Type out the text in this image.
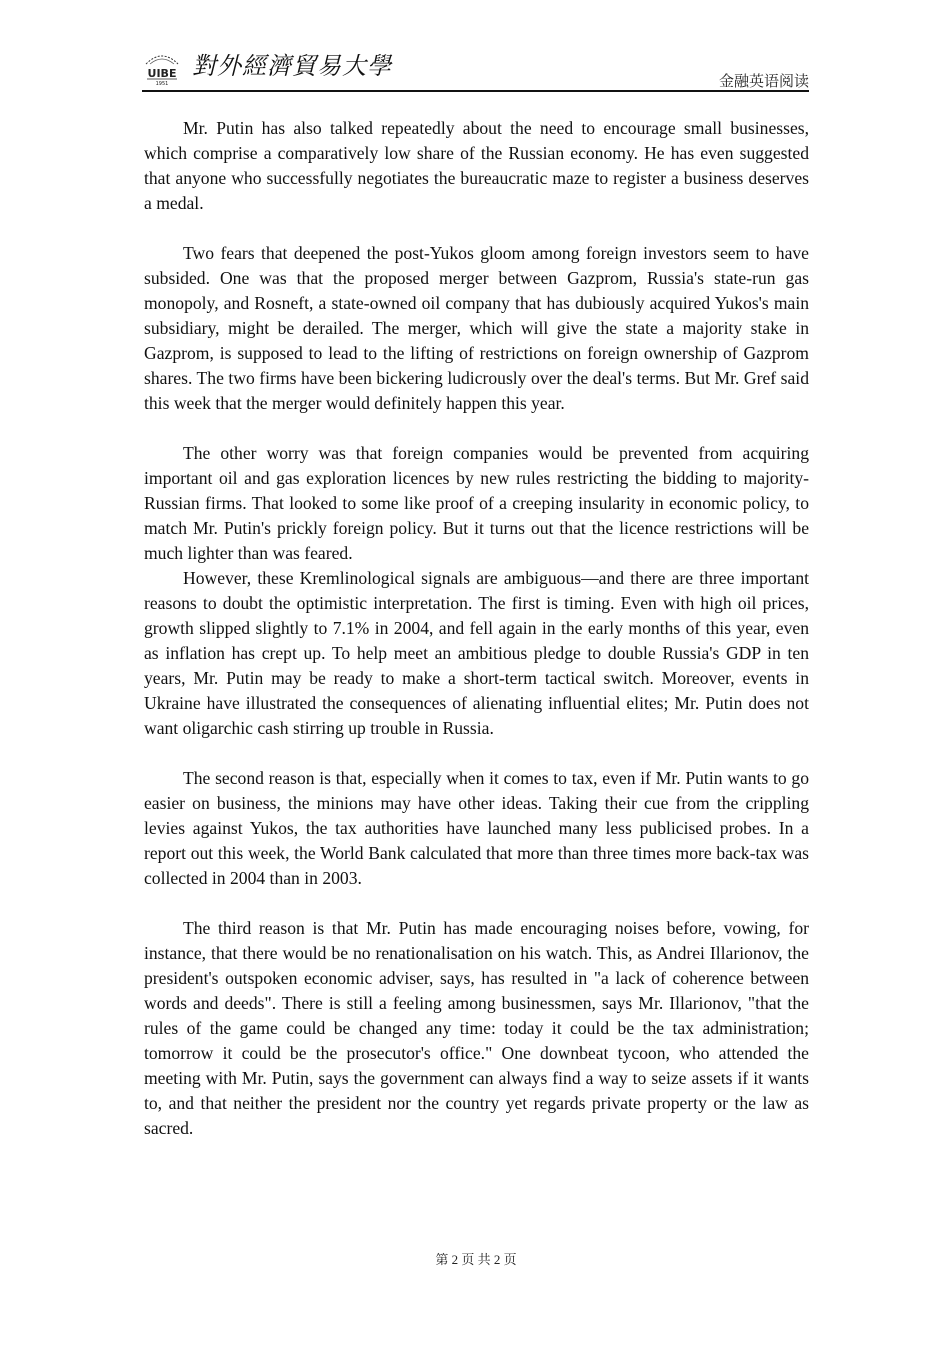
UIBE
1951
對外經濟貿易大學
金融英语阅读

Mr. Putin has also talked repeatedly about the need to encourage small businesses, which comprise a comparatively low share of the Russian economy. He has even suggested that anyone who successfully negotiates the bureaucratic maze to register a business deserves a medal.

Two fears that deepened the post-Yukos gloom among foreign investors seem to have subsided. One was that the proposed merger between Gazprom, Russia's state-run gas monopoly, and Rosneft, a state-owned oil company that has dubiously acquired Yukos's main subsidiary, might be derailed. The merger, which will give the state a majority stake in Gazprom, is supposed to lead to the lifting of restrictions on foreign ownership of Gazprom shares. The two firms have been bickering ludicrously over the deal's terms. But Mr. Gref said this week that the merger would definitely happen this year.

The other worry was that foreign companies would be prevented from acquiring important oil and gas exploration licences by new rules restricting the bidding to majority-Russian firms. That looked to some like proof of a creeping insularity in economic policy, to match Mr. Putin's prickly foreign policy. But it turns out that the licence restrictions will be much lighter than was feared.

However, these Kremlinological signals are ambiguous—and there are three important reasons to doubt the optimistic interpretation. The first is timing. Even with high oil prices, growth slipped slightly to 7.1% in 2004, and fell again in the early months of this year, even as inflation has crept up. To help meet an ambitious pledge to double Russia's GDP in ten years, Mr. Putin may be ready to make a short-term tactical switch. Moreover, events in Ukraine have illustrated the consequences of alienating influential elites; Mr. Putin does not want oligarchic cash stirring up trouble in Russia.

The second reason is that, especially when it comes to tax, even if Mr. Putin wants to go easier on business, the minions may have other ideas. Taking their cue from the crippling levies against Yukos, the tax authorities have launched many less publicised probes. In a report out this week, the World Bank calculated that more than three times more back-tax was collected in 2004 than in 2003.

The third reason is that Mr. Putin has made encouraging noises before, vowing, for instance, that there would be no renationalisation on his watch. This, as Andrei Illarionov, the president's outspoken economic adviser, says, has resulted in "a lack of coherence between words and deeds". There is still a feeling among businessmen, says Mr. Illarionov, "that the rules of the game could be changed any time: today it could be the tax administration; tomorrow it could be the prosecutor's office." One downbeat tycoon, who attended the meeting with Mr. Putin, says the government can always find a way to seize assets if it wants to, and that neither the president nor the country yet regards private property or the law as sacred.

第 2 页 共 2 页
